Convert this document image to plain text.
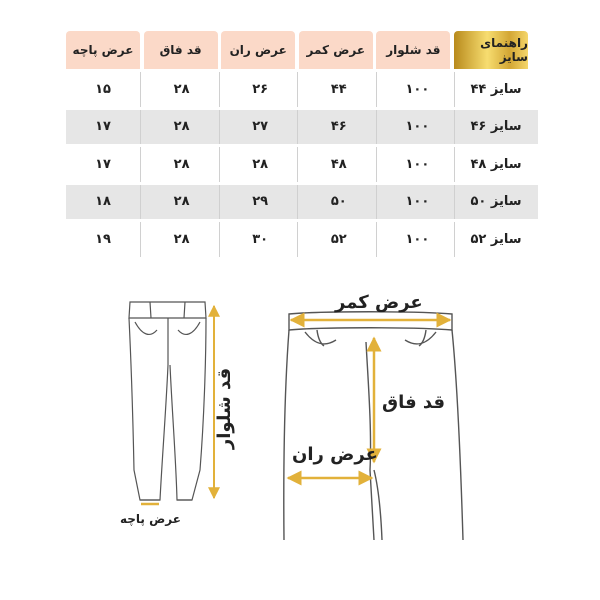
عرض پاچه	قد فاق	عرض ران	عرض کمر	قد شلوار	راهنمای سایز
۱۵	۲۸	۲۶	۴۴	۱۰۰	سایز ۴۴
۱۷	۲۸	۲۷	۴۶	۱۰۰	سایز ۴۶
۱۷	۲۸	۲۸	۴۸	۱۰۰	سایز ۴۸
۱۸	۲۸	۲۹	۵۰	۱۰۰	سایز ۵۰
۱۹	۲۸	۳۰	۵۲	۱۰۰	سایز ۵۲
عرض کمر
قد فاق
عرض ران
قد شلوار
عرض پاچه
